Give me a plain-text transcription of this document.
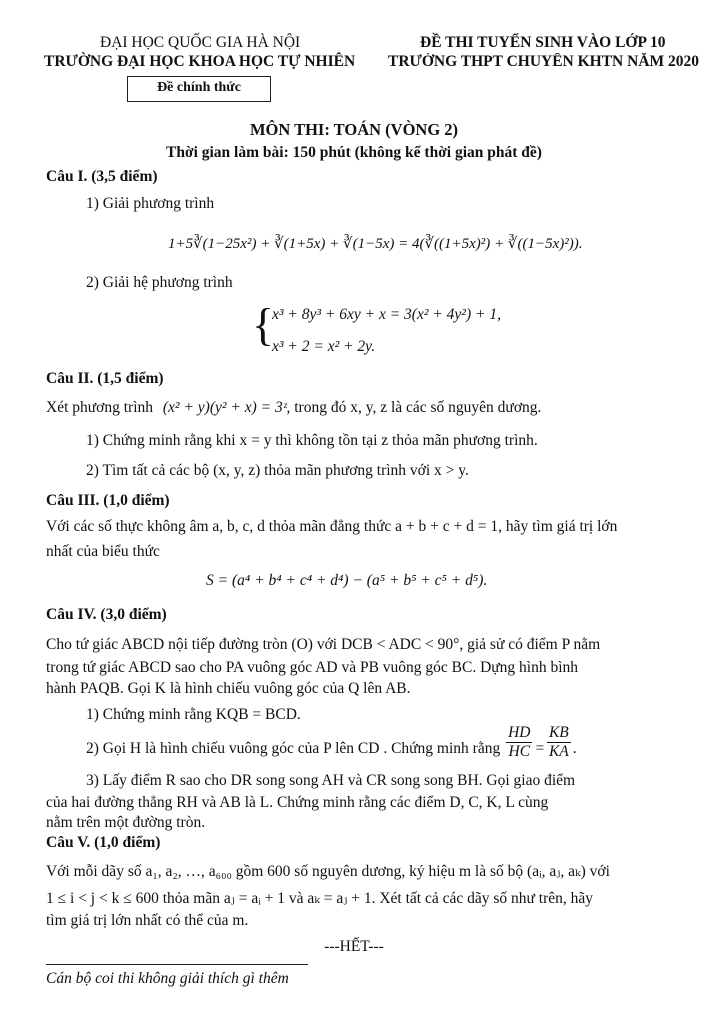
ĐẠI HỌC QUỐC GIA HÀ NỘI
TRƯỜNG ĐẠI HỌC KHOA HỌC TỰ NHIÊN
ĐỀ THI TUYỂN SINH VÀO LỚP 10
TRƯỜNG THPT CHUYÊN KHTN NĂM 2020
Đề chính thức
MÔN THI: TOÁN (VÒNG 2)
Thời gian làm bài: 150 phút (không kể thời gian phát đề)
Câu I. (3,5 điểm)
1) Giải phương trình
1+5∛(1−25x²) + ∛(1+5x) + ∛(1−5x) = 4(∛((1+5x)²) + ∛((1−5x)²)).
2) Giải hệ phương trình
{
x³ + 8y³ + 6xy + x = 3(x² + 4y²) + 1,
x³ + 2 = x² + 2y.
Câu II. (1,5 điểm)
Xét phương trình (x² + y)(y² + x) = 3ᶻ, trong đó x, y, z là các số nguyên dương.
1) Chứng minh rằng khi x = y thì không tồn tại z thỏa mãn phương trình.
2) Tìm tất cả các bộ (x, y, z) thỏa mãn phương trình với x > y.
Câu III. (1,0 điểm)
Với các số thực không âm a, b, c, d thỏa mãn đẳng thức a + b + c + d = 1, hãy tìm giá trị lớn
nhất của biểu thức
S = (a⁴ + b⁴ + c⁴ + d⁴) − (a⁵ + b⁵ + c⁵ + d⁵).
Câu IV. (3,0 điểm)
Cho tứ giác ABCD nội tiếp đường tròn (O) với DCB < ADC < 90°, giả sử có điểm P nằm
trong tứ giác ABCD sao cho PA vuông góc AD và PB vuông góc BC. Dựng hình bình
hành PAQB. Gọi K là hình chiếu vuông góc của Q lên AB.
1) Chứng minh rằng KQB = BCD.
2) Gọi H là hình chiếu vuông góc của P lên CD . Chứng minh rằng $\frac{HD}{HC} = \frac{KB}{KA}$ .
3) Lấy điểm R sao cho DR song song AH và CR song song BH. Gọi giao điểm
của hai đường thẳng RH và AB là L. Chứng minh rằng các điểm D, C, K, L cùng
nằm trên một đường tròn.
Câu V. (1,0 điểm)
Với mỗi dãy số a₁, a₂, …, a₆₀₀ gồm 600 số nguyên dương, ký hiệu m là số bộ (aᵢ, aⱼ, aₖ) với
1 ≤ i < j < k ≤ 600 thỏa mãn aⱼ = aᵢ + 1 và aₖ = aⱼ + 1. Xét tất cả các dãy số như trên, hãy
tìm giá trị lớn nhất có thể của m.
---HẾT---
Cán bộ coi thi không giải thích gì thêm
